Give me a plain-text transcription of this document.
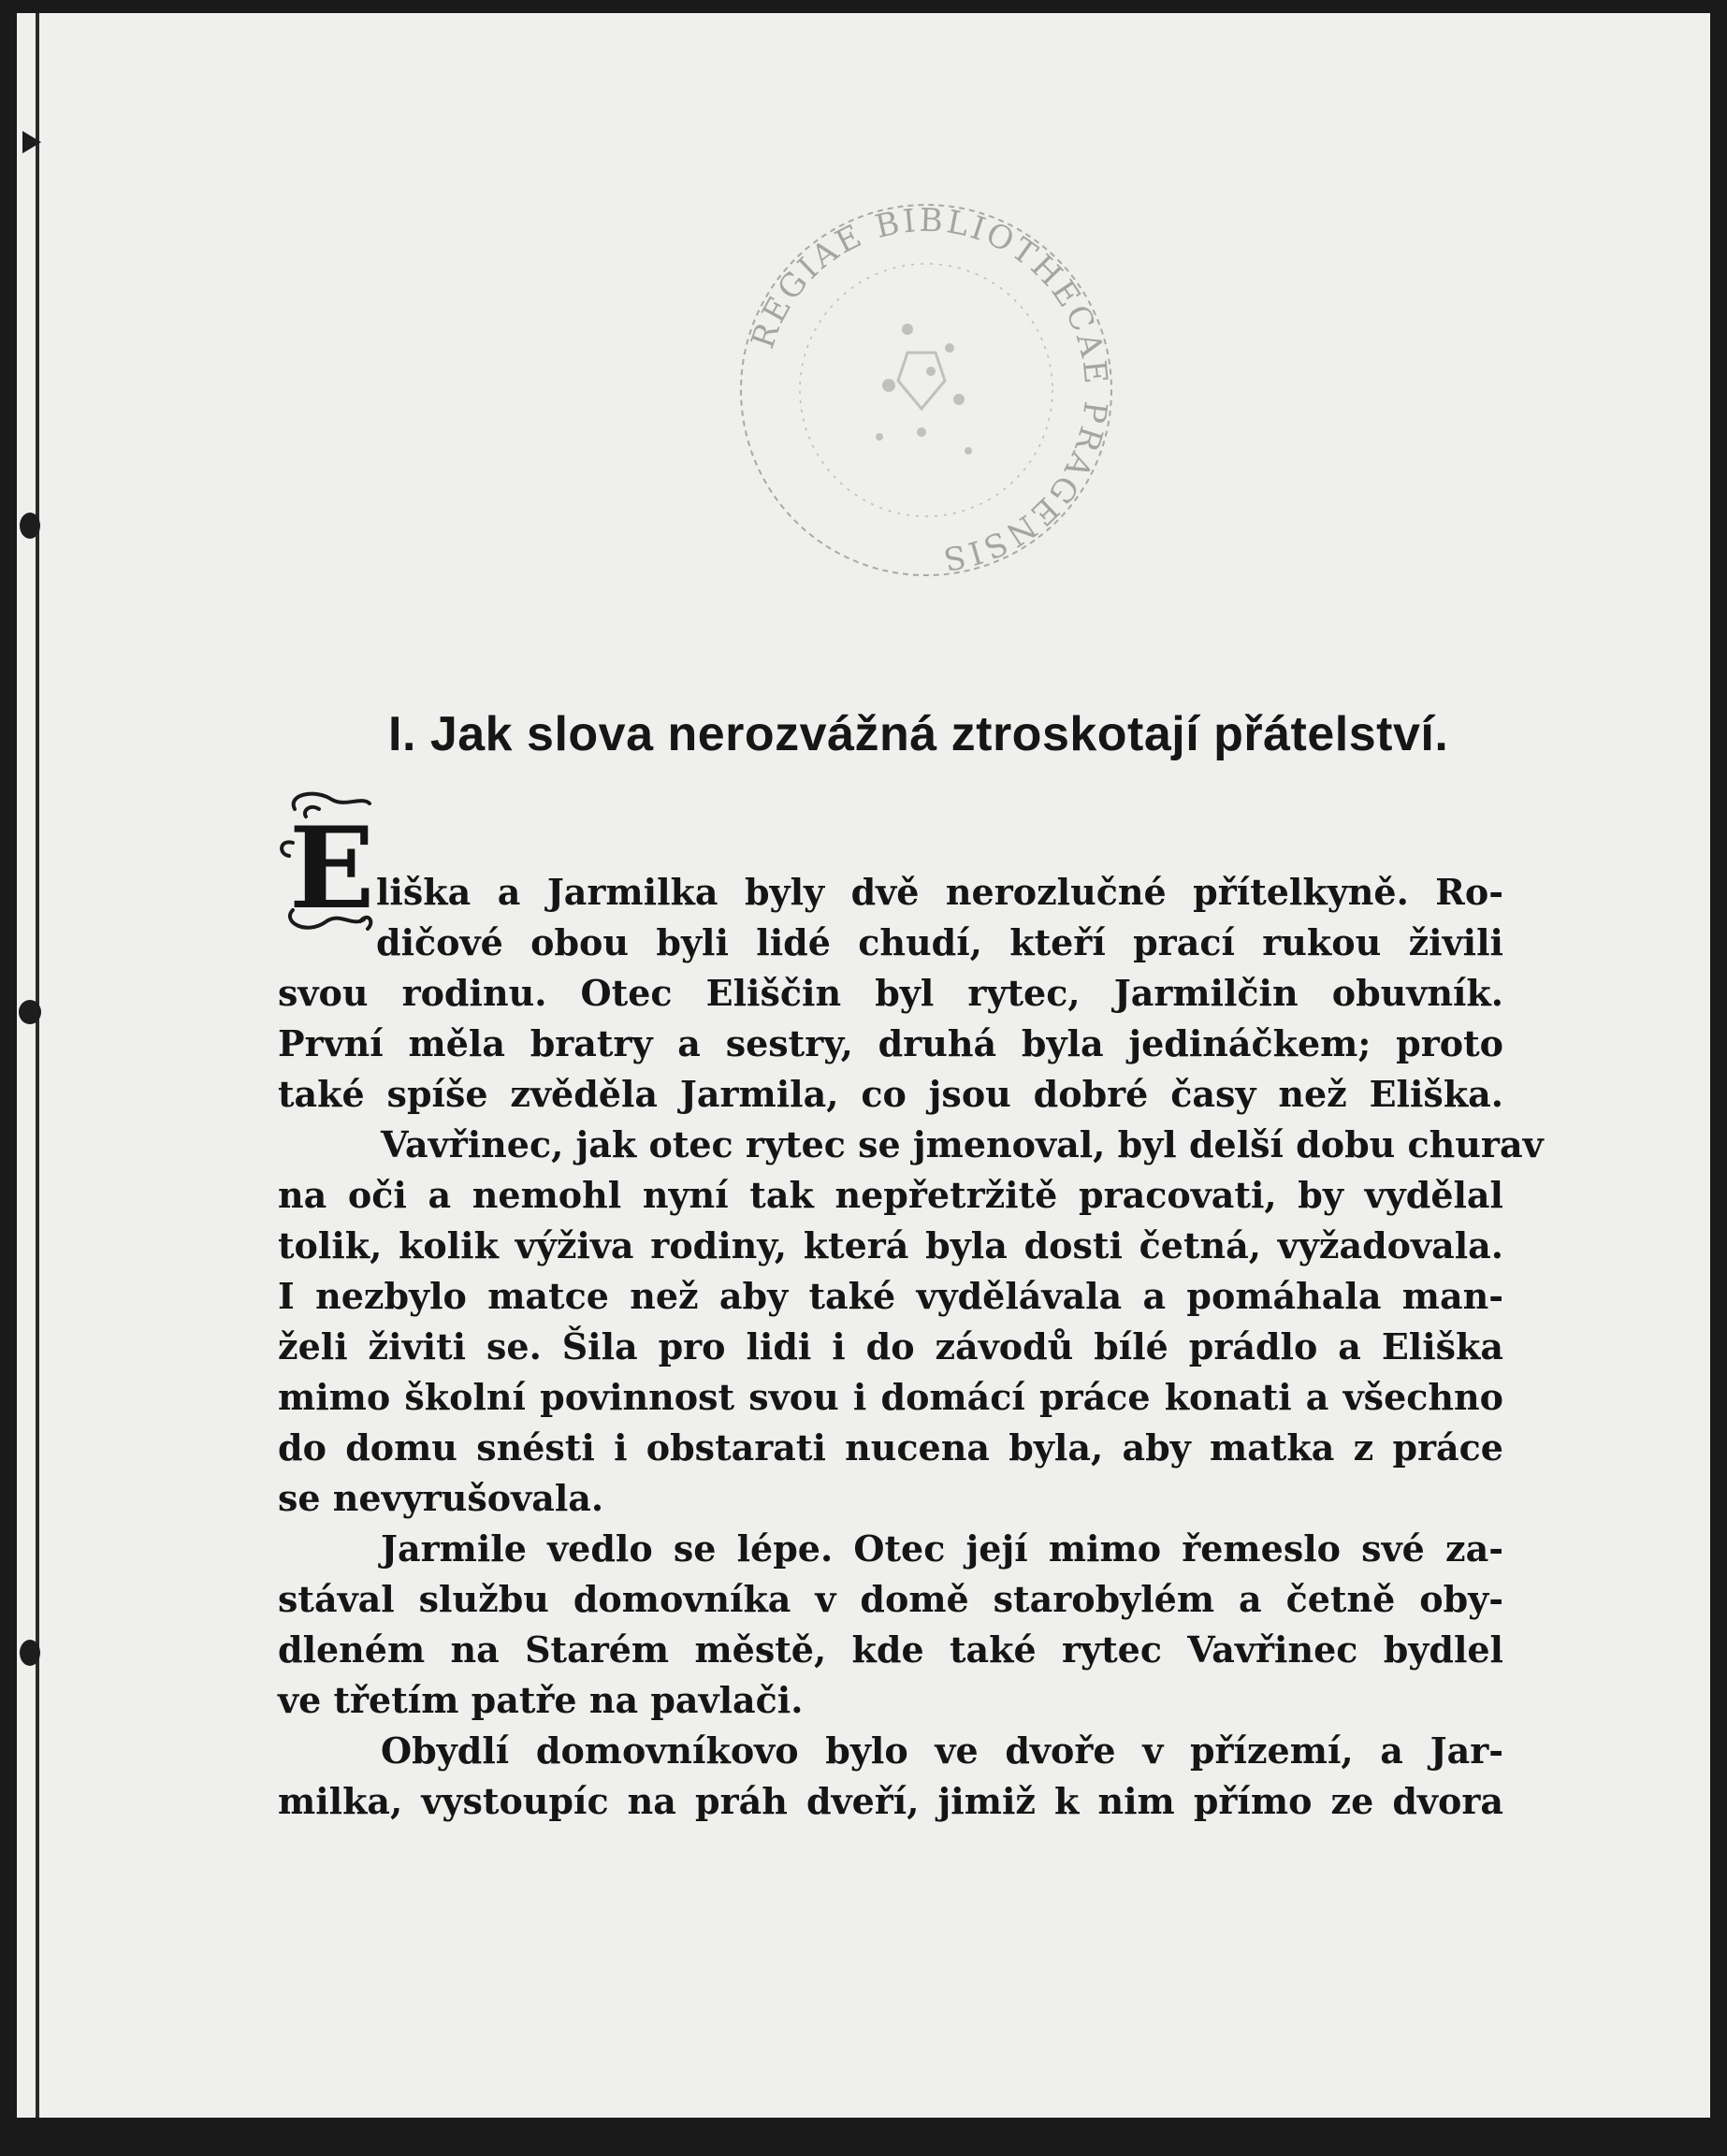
REGIAE BIBLIOTHECAE PRAGENSIS
I. Jak slova nerozvážná ztroskotají přátelství.
E liška a Jarmilka byly dvě nerozlučné přítelkyně. Ro-
dičové obou byli lidé chudí, kteří prací rukou živili
svou rodinu. Otec Eliščin byl rytec, Jarmilčin obuvník.
První měla bratry a sestry, druhá byla jedináčkem; proto
také spíše zvěděla Jarmila, co jsou dobré časy než Eliška.
Vavřinec, jak otec rytec se jmenoval, byl delší dobu churav
na oči a nemohl nyní tak nepřetržitě pracovati, by vydělal
tolik, kolik výživa rodiny, která byla dosti četná, vyžadovala.
I nezbylo matce než aby také vydělávala a pomáhala man-
želi živiti se. Šila pro lidi i do závodů bílé prádlo a Eliška
mimo školní povinnost svou i domácí práce konati a všechno
do domu snésti i obstarati nucena byla, aby matka z práce
se nevyrušovala.
Jarmile vedlo se lépe. Otec její mimo řemeslo své za-
stával službu domovníka v domě starobylém a četně oby-
dleném na Starém městě, kde také rytec Vavřinec bydlel
ve třetím patře na pavlači.
Obydlí domovníkovo bylo ve dvoře v přízemí, a Jar-
milka, vystoupíc na práh dveří, jimiž k nim přímo ze dvora
